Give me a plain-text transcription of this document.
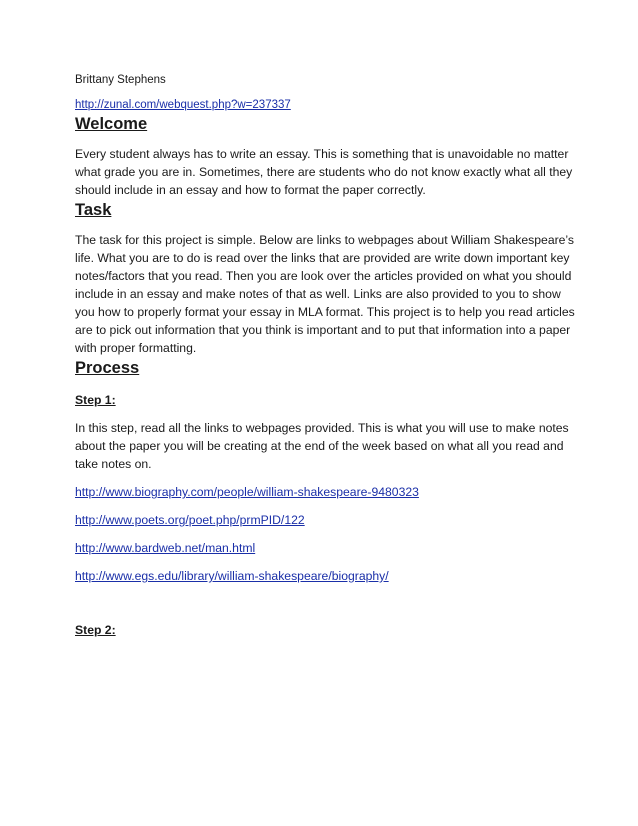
Brittany Stephens
http://zunal.com/webquest.php?w=237337
Welcome

Every student always has to write an essay. This is something that is unavoidable no matter what grade you are in. Sometimes, there are students who do not know exactly what all they should include in an essay and how to format the paper correctly.

Task

The task for this project is simple. Below are links to webpages about William Shakespeare’s life. What you are to do is read over the links that are provided are write down important key notes/factors that you read. Then you are look over the articles provided on what you should include in an essay and make notes of that as well. Links are also provided to you to show you how to properly format your essay in MLA format. This project is to help you read articles are to pick out information that you think is important and to put that information into a paper with proper formatting.

Process
Step 1:

In this step, read all the links to webpages provided. This is what you will use to make notes about the paper you will be creating at the end of the week based on what all you read and take notes on.

http://www.biography.com/people/william-shakespeare-9480323
http://www.poets.org/poet.php/prmPID/122
http://www.bardweb.net/man.html
http://www.egs.edu/library/william-shakespeare/biography/
Step 2:
